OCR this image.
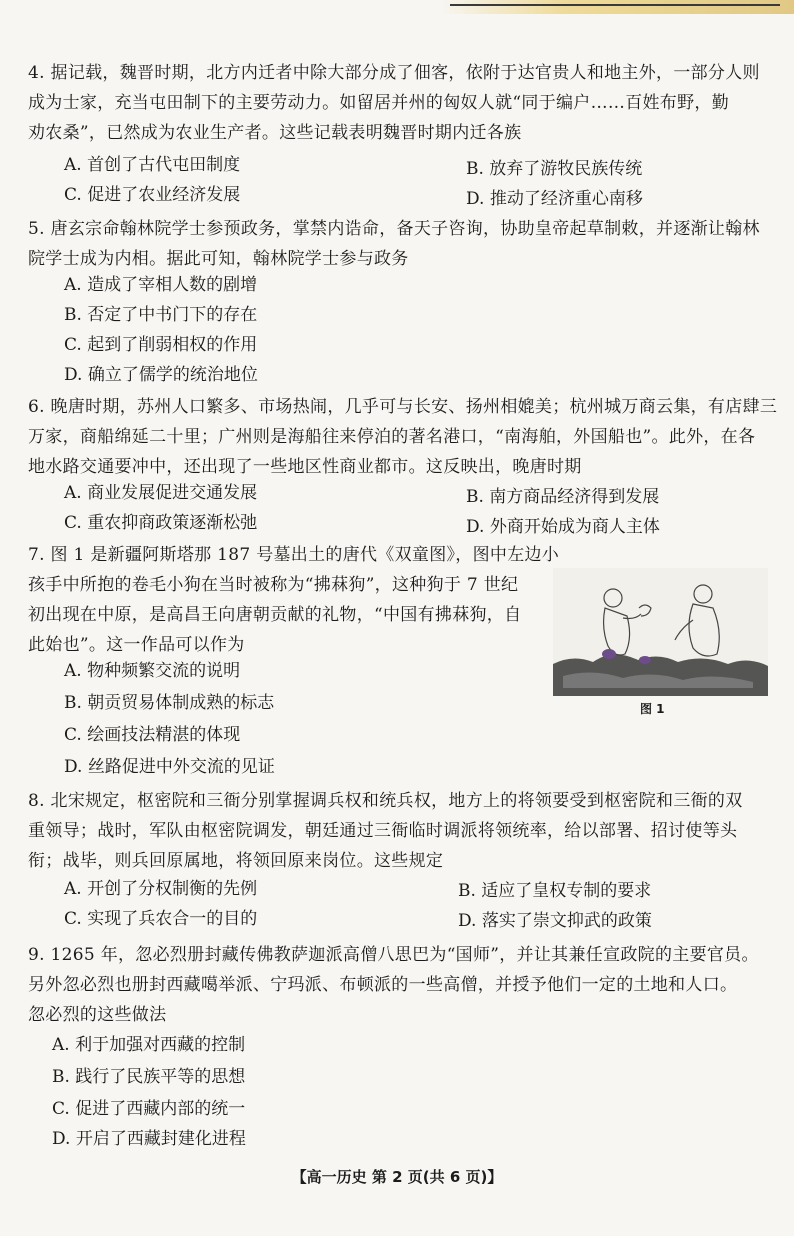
4. 据记载，魏晋时期，北方内迁者中除大部分成了佃客，依附于达官贵人和地主外，一部分人则
成为士家，充当屯田制下的主要劳动力。如留居并州的匈奴人就“同于编户……百姓布野，勤
劝农桑”，已然成为农业生产者。这些记载表明魏晋时期内迁各族
A. 首创了古代屯田制度	B. 放弃了游牧民族传统
C. 促进了农业经济发展	D. 推动了经济重心南移
5. 唐玄宗命翰林院学士参预政务，掌禁内诰命，备天子咨询，协助皇帝起草制敕，并逐渐让翰林
院学士成为内相。据此可知，翰林院学士参与政务
A. 造成了宰相人数的剧增
B. 否定了中书门下的存在
C. 起到了削弱相权的作用
D. 确立了儒学的统治地位
6. 晚唐时期，苏州人口繁多、市场热闹，几乎可与长安、扬州相媲美；杭州城万商云集，有店肆三
万家，商船绵延二十里；广州则是海船往来停泊的著名港口，“南海舶，外国船也”。此外，在各
地水路交通要冲中，还出现了一些地区性商业都市。这反映出，晚唐时期
A. 商业发展促进交通发展	B. 南方商品经济得到发展
C. 重农抑商政策逐渐松弛	D. 外商开始成为商人主体
7. 图 1 是新疆阿斯塔那 187 号墓出土的唐代《双童图》，图中左边小
孩手中所抱的卷毛小狗在当时被称为“拂菻狗”，这种狗于 7 世纪
初出现在中原，是高昌王向唐朝贡献的礼物，“中国有拂菻狗，自
此始也”。这一作品可以作为
A. 物种频繁交流的说明
B. 朝贡贸易体制成熟的标志
C. 绘画技法精湛的体现
D. 丝路促进中外交流的见证
图 1
8. 北宋规定，枢密院和三衙分别掌握调兵权和统兵权，地方上的将领要受到枢密院和三衙的双
重领导；战时，军队由枢密院调发，朝廷通过三衙临时调派将领统率，给以部署、招讨使等头
衔；战毕，则兵回原属地，将领回原来岗位。这些规定
A. 开创了分权制衡的先例	B. 适应了皇权专制的要求
C. 实现了兵农合一的目的	D. 落实了崇文抑武的政策
9. 1265 年，忽必烈册封藏传佛教萨迦派高僧八思巴为“国师”，并让其兼任宣政院的主要官员。
另外忽必烈也册封西藏噶举派、宁玛派、布顿派的一些高僧，并授予他们一定的土地和人口。
忽必烈的这些做法
A. 利于加强对西藏的控制
B. 践行了民族平等的思想
C. 促进了西藏内部的统一
D. 开启了西藏封建化进程
【高一历史 第 2 页(共 6 页)】
